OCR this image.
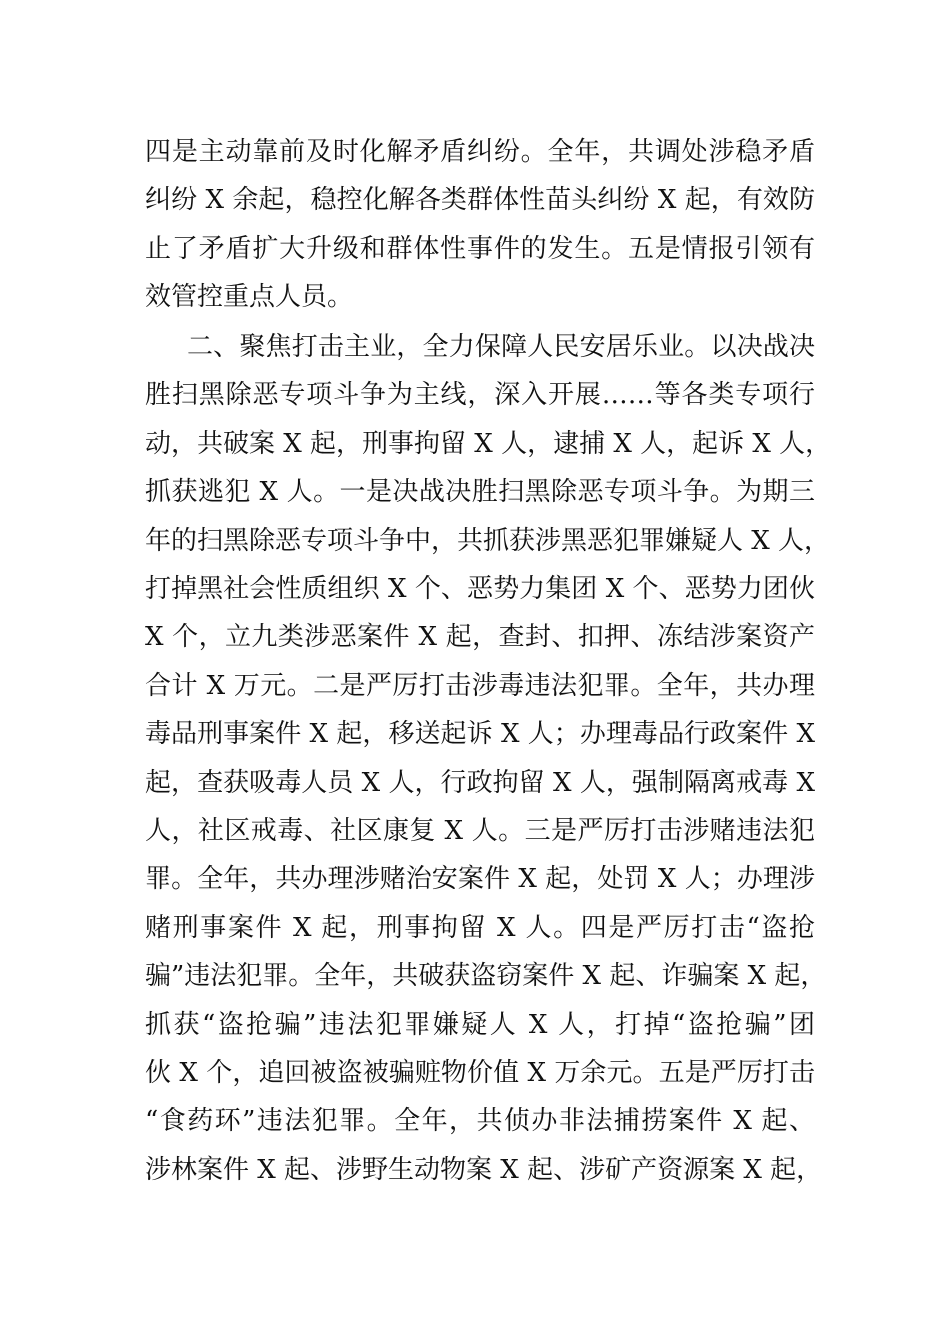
四是主动靠前及时化解矛盾纠纷。全年，共调处涉稳矛盾
纠纷 X 余起，稳控化解各类群体性苗头纠纷 X 起，有效防
止了矛盾扩大升级和群体性事件的发生。五是情报引领有
效管控重点人员。
二、聚焦打击主业，全力保障人民安居乐业。以决战决
胜扫黑除恶专项斗争为主线，深入开展……等各类专项行
动，共破案 X 起，刑事拘留 X 人，逮捕 X 人，起诉 X 人，
抓获逃犯 X 人。一是决战决胜扫黑除恶专项斗争。为期三
年的扫黑除恶专项斗争中，共抓获涉黑恶犯罪嫌疑人 X 人，
打掉黑社会性质组织 X 个、恶势力集团 X 个、恶势力团伙
X 个，立九类涉恶案件 X 起，查封、扣押、冻结涉案资产
合计 X 万元。二是严厉打击涉毒违法犯罪。全年，共办理
毒品刑事案件 X 起，移送起诉 X 人；办理毒品行政案件 X
起，查获吸毒人员 X 人，行政拘留 X 人，强制隔离戒毒 X
人，社区戒毒、社区康复 X 人。三是严厉打击涉赌违法犯
罪。全年，共办理涉赌治安案件 X 起，处罚 X 人；办理涉
赌刑事案件 X 起，刑事拘留 X 人。四是严厉打击“盗抢
骗”违法犯罪。全年，共破获盗窃案件 X 起、诈骗案 X 起，
抓获“盗抢骗”违法犯罪嫌疑人 X 人，打掉“盗抢骗”团
伙 X 个，追回被盗被骗赃物价值 X 万余元。五是严厉打击
“食药环”违法犯罪。全年，共侦办非法捕捞案件 X 起、
涉林案件 X 起、涉野生动物案 X 起、涉矿产资源案 X 起，
